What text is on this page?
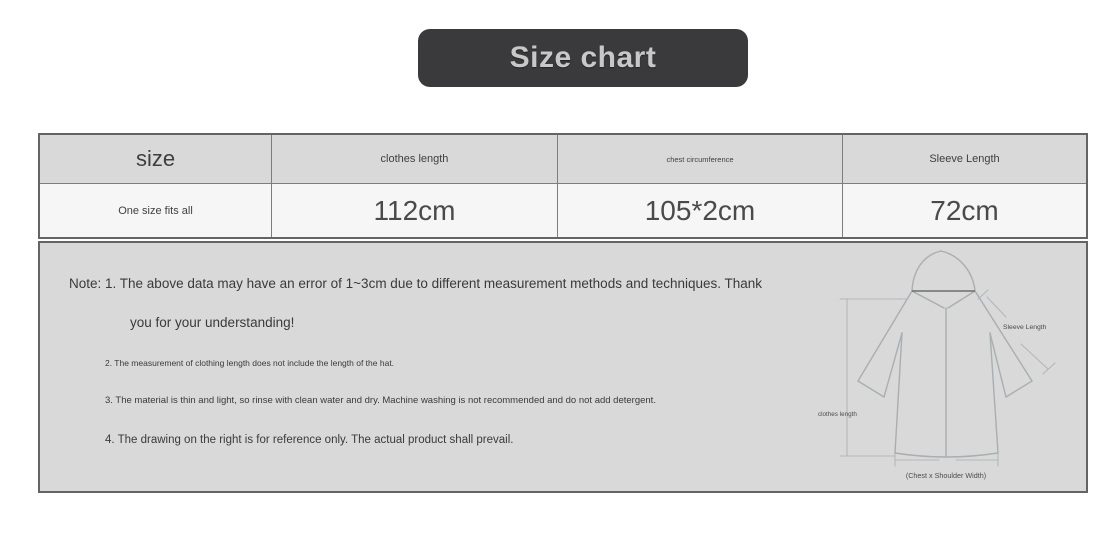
Size chart
size	clothes length	chest circumference	Sleeve Length
One size fits all	112cm	105*2cm	72cm
Note: 1. The above data may have an error of 1~3cm due to different measurement methods and techniques. Thank
you for your understanding!
2. The measurement of clothing length does not include the length of the hat.
3. The material is thin and light, so rinse with clean water and dry. Machine washing is not recommended and do not add detergent.
4. The drawing on the right is for reference only. The actual product shall prevail.
clothes length
Sleeve Length
(Chest x Shoulder Width)
